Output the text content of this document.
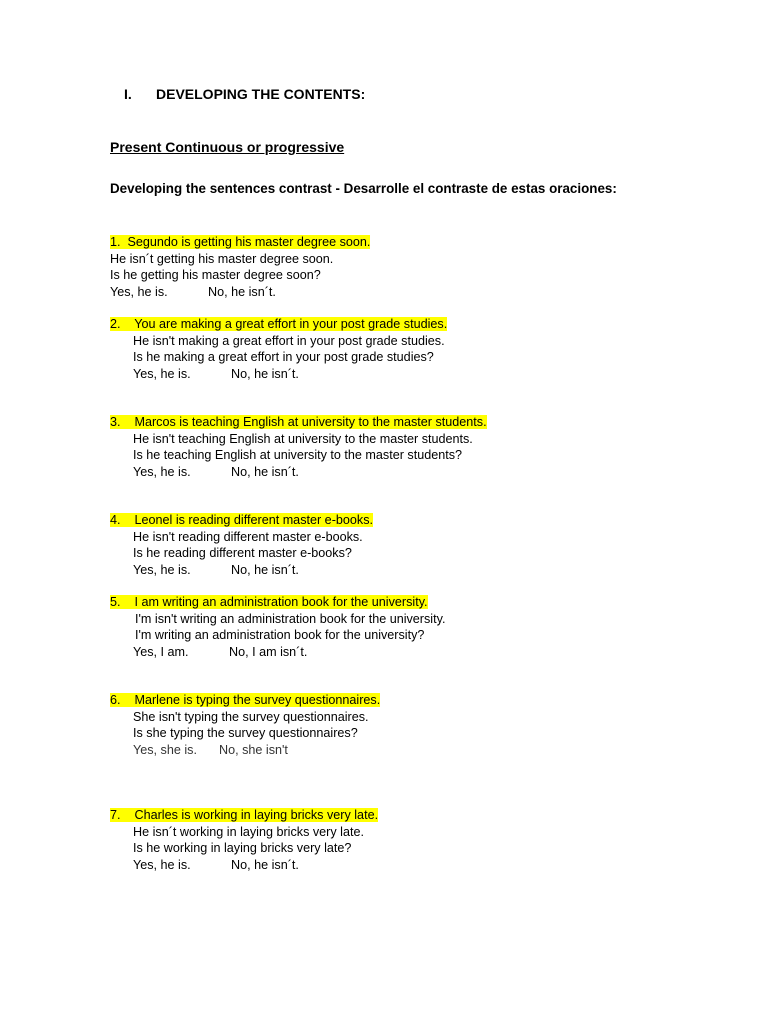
I.	DEVELOPING THE CONTENTS:
Present Continuous or progressive
Developing the sentences contrast - Desarrolle el contraste de estas oraciones:
1.  Segundo is getting his master degree soon.
He isn´t getting his master degree soon.
Is he getting his master degree soon?
Yes, he is.	No, he isn´t.
2.    You are making a great effort in your post grade studies.
He isn't making a great effort in your post grade studies.
Is he making a great effort in your post grade studies?
Yes, he is.	No, he isn´t.
3.    Marcos is teaching English at university to the master students.
He isn't teaching English at university to the master students.
Is he teaching English at university to the master students?
Yes, he is.	No, he isn´t.
4.    Leonel is reading different master e-books.
He isn't reading different master e-books.
Is he reading different master e-books?
Yes, he is.	No, he isn´t.
5.    I am writing an administration book for the university.
I'm isn't writing an administration book for the university.
I'm writing an administration book for the university?
Yes, I am.	No, I am isn´t.
6.    Marlene is typing the survey questionnaires.
She isn't typing the survey questionnaires.
Is she typing the survey questionnaires?
Yes, she is. No, she isn't
7.    Charles is working in laying bricks very late.
He isn´t working in laying bricks very late.
Is he working in laying bricks very late?
Yes, he is.	No, he isn´t.
